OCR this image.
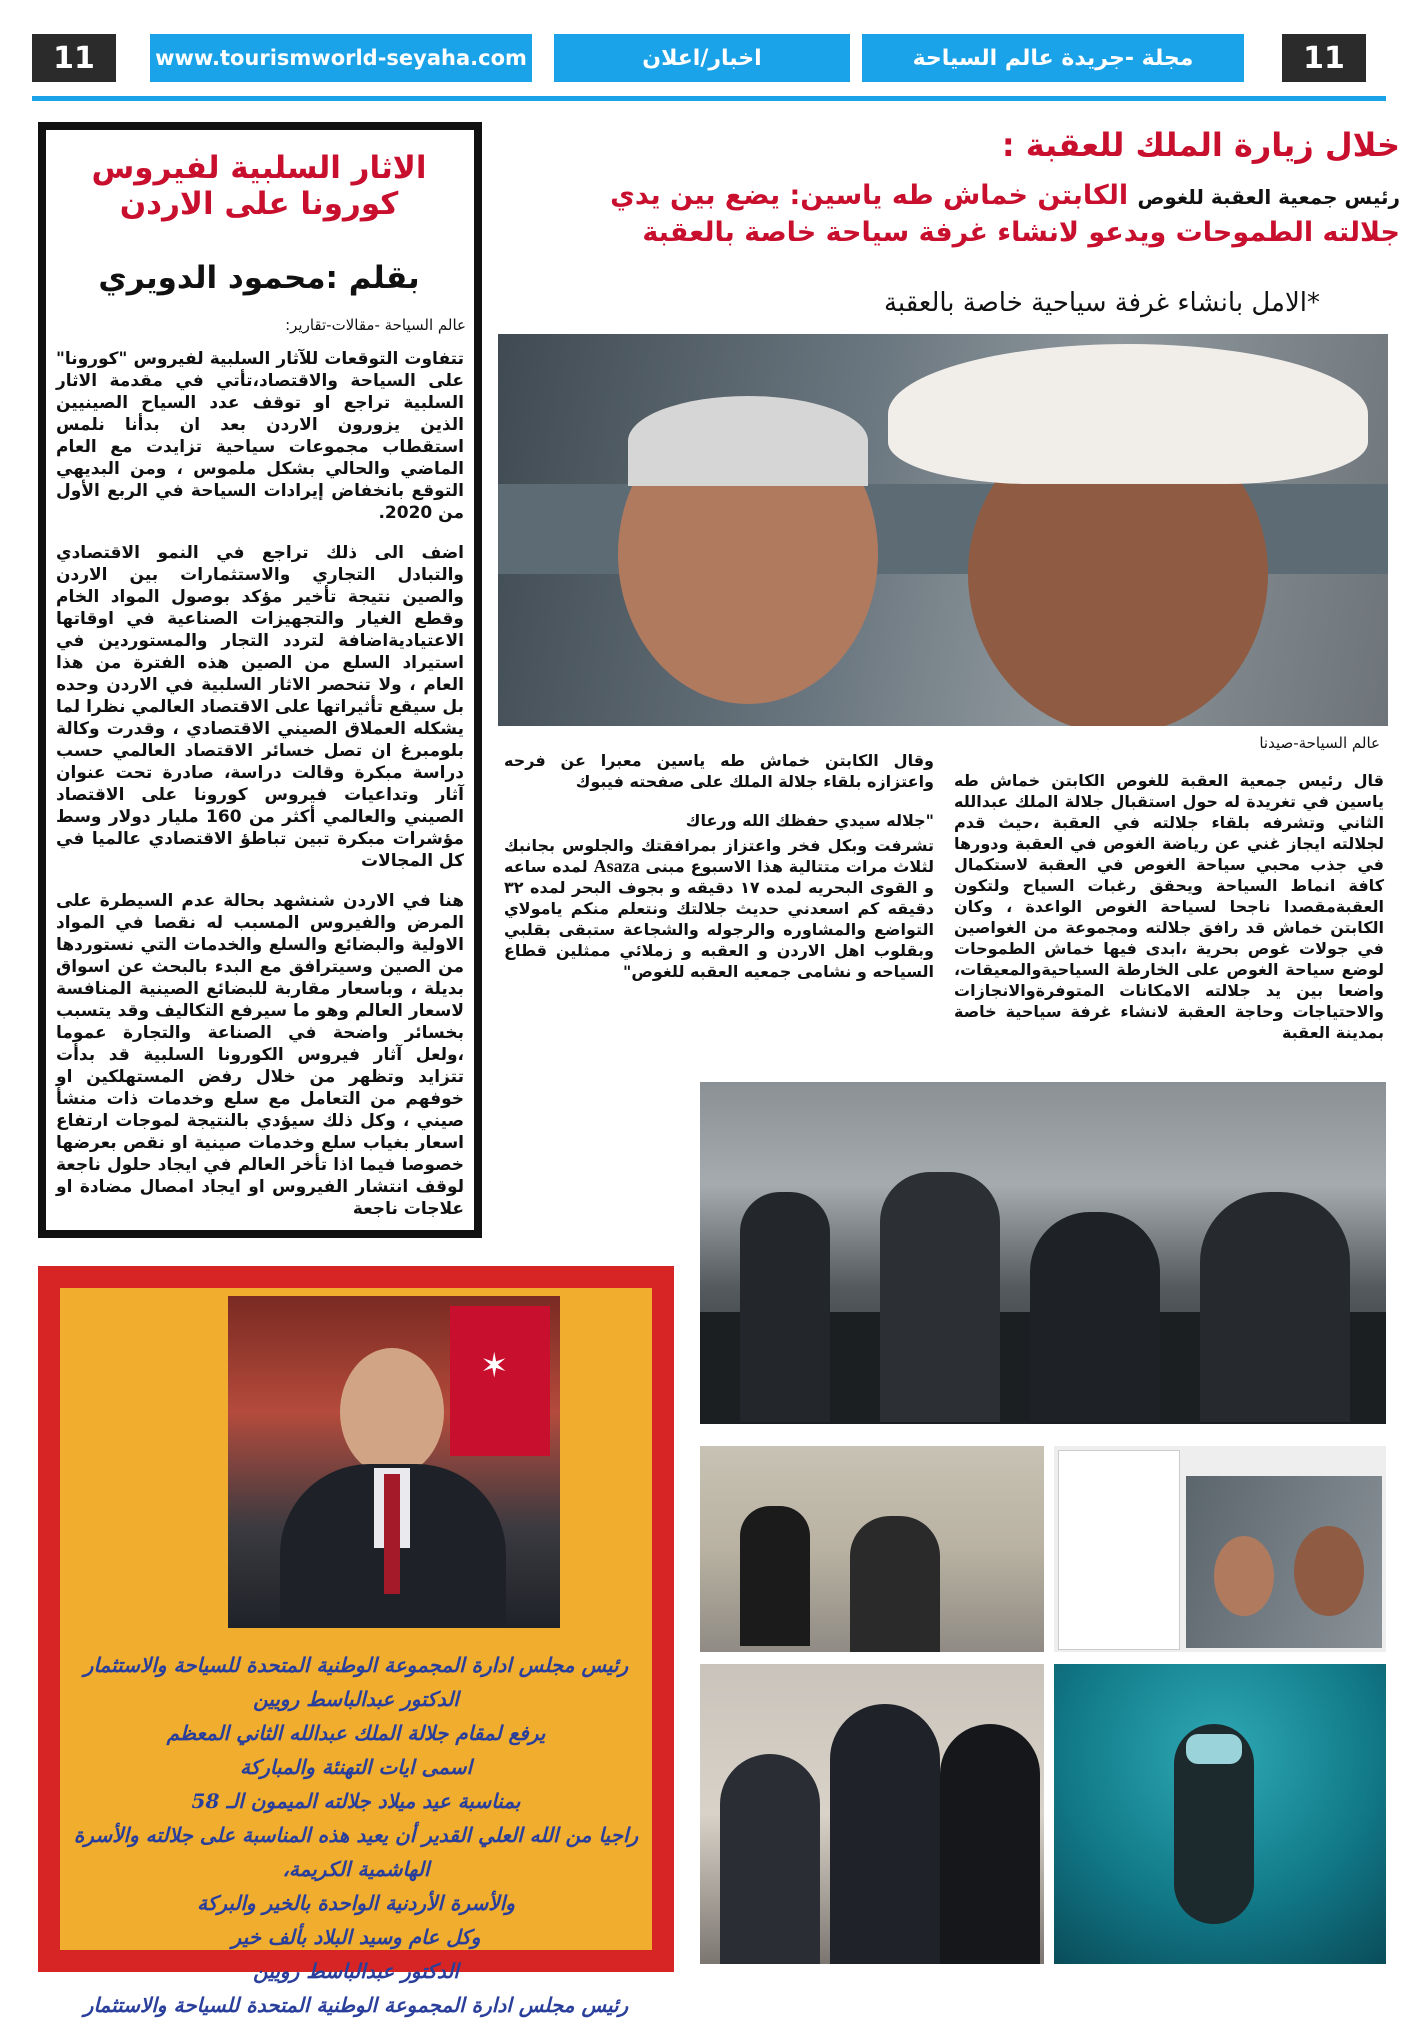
11	www.tourismworld-seyaha.com	اخبار/اعلان	مجلة -جريدة عالم السياحة	11
الاثار السلبية لفيروس
كورونا على الاردن
بقلم :محمود الدويري
عالم السياحة -مقالات-تقارير:

تتفاوت التوقعات للآثار السلبية لفيروس "كورونا" على السياحة والاقتصاد،تأتي في مقدمة الاثار السلبية تراجع او توقف عدد السياح الصينيين الذين يزورون الاردن بعد ان بدأنا نلمس استقطاب مجموعات سياحية تزايدت مع العام الماضي والحالي بشكل ملموس ، ومن البديهي التوقع بانخفاض إيرادات السياحة في الربع الأول من 2020.

اضف الى ذلك تراجع في النمو الاقتصادي والتبادل التجاري والاستثمارات بين الاردن والصين نتيجة تأخير مؤكد بوصول المواد الخام وقطع الغيار والتجهيزات الصناعية في اوقاتها الاعتياديةاضافة لتردد التجار والمستوردين في استيراد السلع من الصين هذه الفترة من هذا العام ، ولا تنحصر الاثار السلبية في الاردن وحده بل سيقع تأثيراتها على الاقتصاد العالمي نظرا لما يشكله العملاق الصيني الاقتصادي ، وقدرت وكالة بلومبرغ ان تصل خسائر الاقتصاد العالمي حسب دراسة مبكرة وقالت دراسة، صادرة تحت عنوان آثار وتداعيات فيروس كورونا على الاقتصاد الصيني والعالمي أكثر من 160 مليار دولار وسط مؤشرات مبكرة تبين تباطؤ الاقتصادي عالميا في كل المجالات

هنا في الاردن شنشهد بحالة عدم السيطرة على المرض والفيروس المسبب له نقصا في المواد الاولية والبضائع والسلع والخدمات التي نستوردها من الصين وسيترافق مع البدء بالبحث عن اسواق بديلة ، وباسعار مقاربة للبضائع الصينية المنافسة لاسعار العالم وهو ما سيرفع التكاليف وقد يتسبب بخسائر واضحة في الصناعة والتجارة عموما ،ولعل آثار فيروس الكورونا السلبية قد بدأت تتزايد وتظهر من خلال رفض المستهلكين او خوفهم من التعامل مع سلع وخدمات ذات منشأ صيني ، وكل ذلك سيؤدي بالنتيجة لموجات ارتفاع اسعار بغياب سلع وخدمات صينية او نقص بعرضها خصوصا فيما اذا تأخر العالم في ايجاد حلول ناجعة لوقف انتشار الفيروس او ايجاد امصال مضادة او علاجات ناجعة

✶
رئيس مجلس ادارة المجموعة الوطنية المتحدة للسياحة والاستثمار
الدكتور عبدالباسط رويين
يرفع لمقام جلالة الملك عبدالله الثاني المعظم
اسمى ايات التهنئة والمباركة
بمناسبة عيد ميلاد جلالته الميمون الـ 58
راجيا من الله العلي القدير أن يعيد هذه المناسبة على جلالته والأسرة
الهاشمية الكريمة،
والأسرة الأردنية الواحدة بالخير والبركة
وكل عام وسيد البلاد بألف خير
الدكتور عبدالباسط رويين
رئيس مجلس ادارة المجموعة الوطنية المتحدة للسياحة والاستثمار
خلال زيارة الملك للعقبة :
رئيس جمعية العقبة للغوص الكابتن خماش طه ياسين: يضع بين يدي
جلالته الطموحات ويدعو لانشاء غرفة سياحة خاصة بالعقبة
*الامل بانشاء غرفة سياحية خاصة بالعقبة
عالم السياحة-صيدنا
قال رئيس جمعية العقبة للغوص الكابتن خماش طه ياسين في تغريدة له حول استقبال جلالة الملك عبدالله الثاني وتشرفه بلقاء جلالته في العقبة ،حيث قدم لجلالته ايجاز غني عن رياضة الغوص في العقبة ودورها في جذب محبي سياحة الغوص في العقبة لاستكمال كافة انماط السياحة ويحقق رغبات السياح ولتكون العقبةمقصدا ناجحا لسياحة الغوص الواعدة ، وكان الكابتن خماش قد رافق جلالته ومجموعة من الغواصين في جولات غوص بحرية ،ابدى فيها خماش الطموحات لوضع سياحة الغوص على الخارطة السياحيةوالمعيقات، واضعا بين يد جلالته الامكانات المتوفرةوالانجازات والاحتياجات وحاجة العقبة لانشاء غرفة سياحية خاصة بمدينة العقبة

وقال الكابتن خماش طه ياسين معبرا عن فرحه واعتزازه بلقاء جلالة الملك على صفحته فيبوك

"جلاله سيدي حفظك الله ورعاك

تشرفت وبكل فخر واعتزاز بمرافقتك والجلوس بجانبك لثلاث مرات متتالية هذا الاسبوع مبنى Asaza لمده ساعه و القوى البحريه لمده ١٧ دقيقه و بجوف البحر لمده ٣٢ دقيقه كم اسعدني حديث جلالتك ونتعلم منكم ياموﻻي التواضع والمشاوره والرجوله والشجاعة ستبقى بقلبي وبقلوب اهل الاردن و العقبه و زملائي ممثلين قطاع السياحه و نشامى جمعيه العقبه للغوص"
